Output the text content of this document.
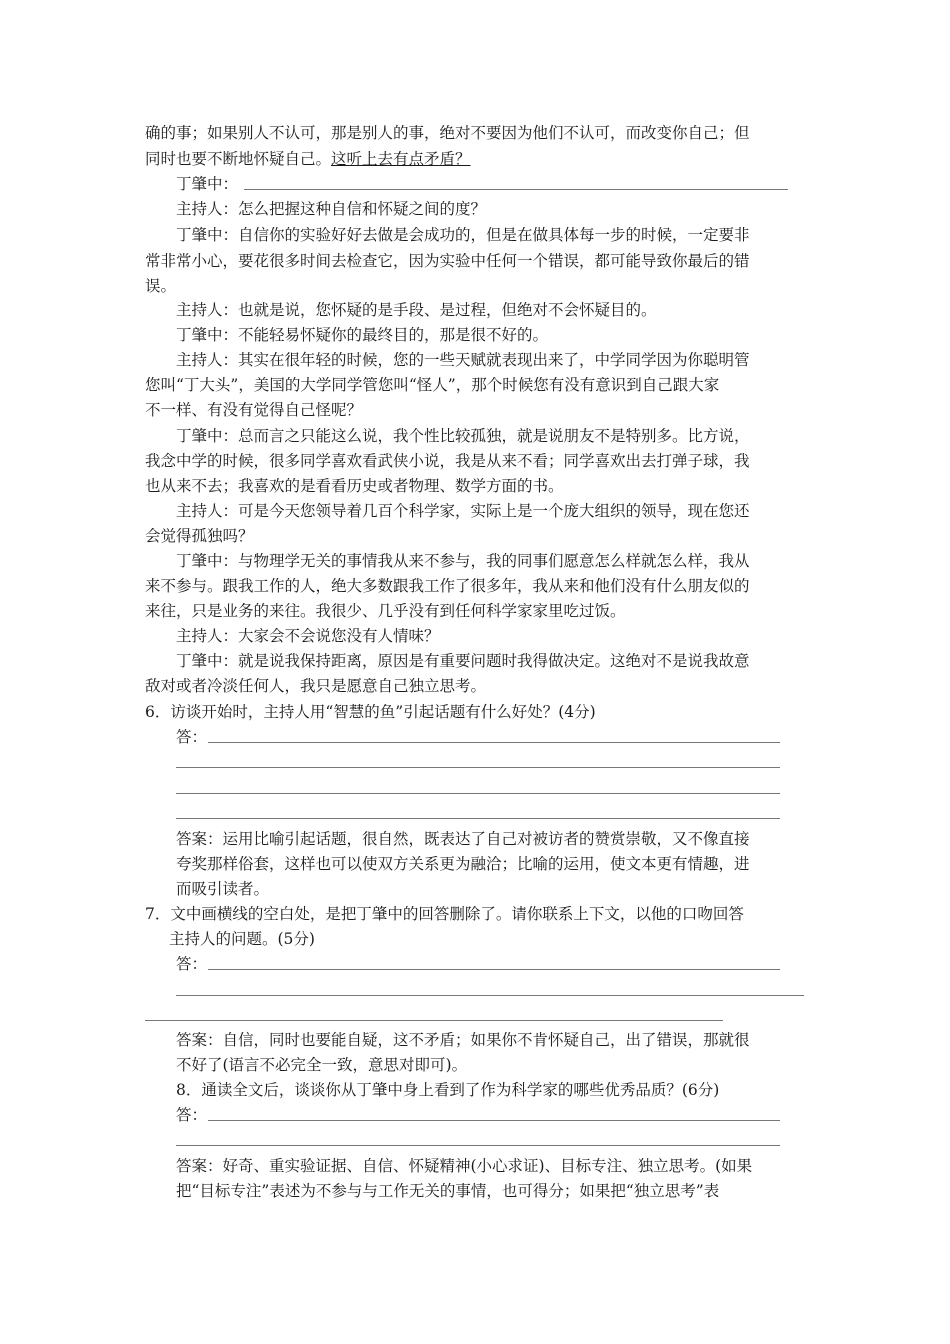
确的事；如果别人不认可，那是别人的事，绝对不要因为他们不认可，而改变你自己；但
同时也要不断地怀疑自己。这听上去有点矛盾？
丁肇中：
主持人：怎么把握这种自信和怀疑之间的度？
丁肇中：自信你的实验好好去做是会成功的，但是在做具体每一步的时候，一定要非
常非常小心，要花很多时间去检查它，因为实验中任何一个错误，都可能导致你最后的错
误。
主持人：也就是说，您怀疑的是手段、是过程，但绝对不会怀疑目的。
丁肇中：不能轻易怀疑你的最终目的，那是很不好的。
主持人：其实在很年轻的时候，您的一些天赋就表现出来了，中学同学因为你聪明管
您叫“丁大头”，美国的大学同学管您叫“怪人”，那个时候您有没有意识到自己跟大家
不一样、有没有觉得自己怪呢？
丁肇中：总而言之只能这么说，我个性比较孤独，就是说朋友不是特别多。比方说，
我念中学的时候，很多同学喜欢看武侠小说，我是从来不看；同学喜欢出去打弹子球，我
也从来不去；我喜欢的是看看历史或者物理、数学方面的书。
主持人：可是今天您领导着几百个科学家，实际上是一个庞大组织的领导，现在您还
会觉得孤独吗？
丁肇中：与物理学无关的事情我从来不参与，我的同事们愿意怎么样就怎么样，我从
来不参与。跟我工作的人，绝大多数跟我工作了很多年，我从来和他们没有什么朋友似的
来往，只是业务的来往。我很少、几乎没有到任何科学家家里吃过饭。
主持人：大家会不会说您没有人情味？
丁肇中：就是说我保持距离，原因是有重要问题时我得做决定。这绝对不是说我故意
敌对或者冷淡任何人，我只是愿意自己独立思考。
6．访谈开始时，主持人用“智慧的鱼”引起话题有什么好处？(4分)
答：
答案：运用比喻引起话题，很自然，既表达了自己对被访者的赞赏崇敬，又不像直接
夸奖那样俗套，这样也可以使双方关系更为融洽；比喻的运用，使文本更有情趣，进
而吸引读者。
7．文中画横线的空白处，是把丁肇中的回答删除了。请你联系上下文，以他的口吻回答
主持人的问题。(5分)
答：
答案：自信，同时也要能自疑，这不矛盾；如果你不肯怀疑自己，出了错误，那就很
不好了(语言不必完全一致，意思对即可)。
8．通读全文后，谈谈你从丁肇中身上看到了作为科学家的哪些优秀品质？(6分)
答：
答案：好奇、重实验证据、自信、怀疑精神(小心求证)、目标专注、独立思考。(如果
把“目标专注”表述为不参与与工作无关的事情，也可得分；如果把“独立思考”表
